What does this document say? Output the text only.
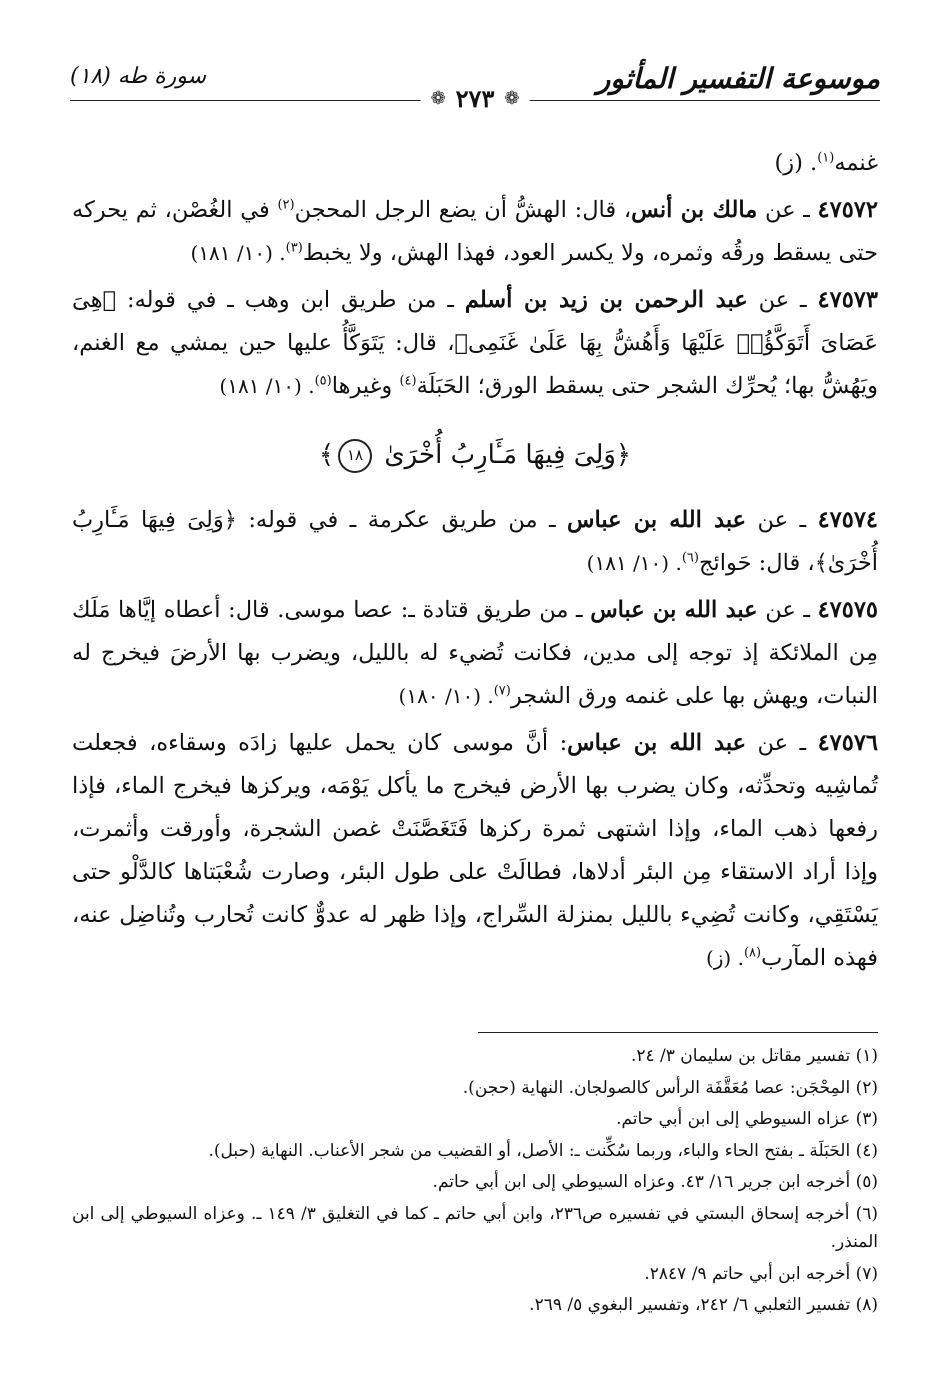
موسوعة التفسير المأثور
سورة طه (١٨)
❁
٢٧٣
❁

غنمه$^{(١)}$. (ز)

٤٧٥٧٢ ـ عن مالك بن أنس، قال: الهشُّ أن يضع الرجل المحجن$^{(٢)}$ في الغُصْن، ثم يحركه حتى يسقط ورقُه وثمره، ولا يكسر العود، فهذا الهش، ولا يخبط$^{(٣)}$. (١٠/ ١٨١)

٤٧٥٧٣ ـ عن عبد الرحمن بن زيد بن أسلم ـ من طريق ابن وهب ـ في قوله: ﴿هِىَ عَصَاىَ أَتَوَكَّؤُا۟ عَلَيْهَا وَأَهُشُّ بِهَا عَلَىٰ غَنَمِى﴾، قال: يَتَوَكَّأُ عليها حين يمشي مع الغنم، ويَهُشُّ بها؛ يُحرِّك الشجر حتى يسقط الورق؛ الحَبَلَة$^{(٤)}$ وغيرها$^{(٥)}$. (١٠/ ١٨١)

﴿وَلِىَ فِيهَا مَـَٔارِبُ أُخْرَىٰ ١٨﴾

٤٧٥٧٤ ـ عن عبد الله بن عباس ـ من طريق عكرمة ـ في قوله: ﴿وَلِىَ فِيهَا مَـَٔارِبُ أُخْرَىٰ﴾، قال: حَوائج$^{(٦)}$. (١٠/ ١٨١)

٤٧٥٧٥ ـ عن عبد الله بن عباس ـ من طريق قتادة ـ: عصا موسى. قال: أعطاه إيَّاها مَلَك مِن الملائكة إذ توجه إلى مدين، فكانت تُضيء له بالليل، ويضرب بها الأرضَ فيخرج له النبات، ويهش بها على غنمه ورق الشجر$^{(٧)}$. (١٠/ ١٨٠)

٤٧٥٧٦ ـ عن عبد الله بن عباس: أنَّ موسى كان يحمل عليها زادَه وسقاءه، فجعلت تُماشِيه وتحدِّثه، وكان يضرب بها الأرض فيخرج ما يأكل يَوْمَه، ويركزها فيخرج الماء، فإذا رفعها ذهب الماء، وإذا اشتهى ثمرة ركزها فَتَغَصَّنَتْ غصن الشجرة، وأورقت وأثمرت، وإذا أراد الاستقاء مِن البئر أدلاها، فطالَتْ على طول البئر، وصارت شُعْبَتاها كالدَّلْو حتى يَسْتَقِي، وكانت تُضِيء بالليل بمنزلة السِّراج، وإذا ظهر له عدوٌّ كانت تُحارب وتُناضِل عنه، فهذه المآرب$^{(٨)}$. (ز)

(١) تفسير مقاتل بن سليمان ٣/ ٢٤.

(٢) المِحْجَن: عصا مُعَقَّفَة الرأس كالصولجان. النهاية (حجن).

(٣) عزاه السيوطي إلى ابن أبي حاتم.

(٤) الحَبَلَة ـ بفتح الحاء والباء، وربما سُكِّنت ـ: الأصل، أو القضيب من شجر الأعناب. النهاية (حبل).

(٥) أخرجه ابن جرير ١٦/ ٤٣. وعزاه السيوطي إلى ابن أبي حاتم.

(٦) أخرجه إسحاق البستي في تفسيره ص٢٣٦، وابن أبي حاتم ـ كما في التغليق ٣/ ١٤٩ ـ. وعزاه السيوطي إلى ابن المنذر.

(٧) أخرجه ابن أبي حاتم ٩/ ٢٨٤٧.

(٨) تفسير الثعلبي ٦/ ٢٤٢، وتفسير البغوي ٥/ ٢٦٩.
